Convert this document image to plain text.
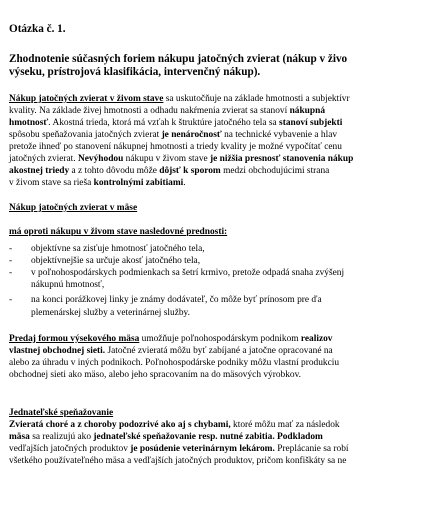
Otázka č. 1.
Zhodnotenie súčasných foriem nákupu jatočných zvierat (nákup v živo
výseku, prístrojová klasifikácia, intervenčný nákup).
Nákup jatočných zvierat v živom stave sa uskutočňuje na základe hmotnosti a subjektívr
kvality. Na základe živej hmotnosti a odhadu nakŕmenia zvierat sa stanoví nákupná
hmotnosť. Akostná trieda, ktorá má vzťah k štruktúre jatočného tela sa stanoví subjekti
spôsobu speňažovania jatočných zvierat je nenáročnosť na technické vybavenie a hlav
pretože ihneď po stanovení nákupnej hmotnosti a triedy kvality je možné vypočítať cenu
jatočných zvierat. Nevýhodou nákupu v živom stave je nižšia presnosť stanovenia nákup
akostnej triedy a z tohto dôvodu môže dôjsť k sporom medzi obchodujúcimi strana
v živom stave sa rieša kontrolnými zabitiami.
Nákup jatočných zvierat v mäse
má oproti nákupu v živom stave nasledovné prednosti:
- objektívne sa zisťuje hmotnosť jatočného tela,
- objektívnejšie sa určuje akosť jatočného tela,
- v poľnohospodárskych podmienkach sa šetrí krmivo, pretože odpadá snaha zvýšenj
nákupnú hmotnosť,
- na konci porážkovej linky je známy dodávateľ, čo môže byť prínosom pre ďa
plemenárskej služby a veterinárnej služby.
Predaj formou výsekového mäsa umožňuje poľnohospodárskym podnikom realizov
vlastnej obchodnej sieti. Jatočné zvieratá môžu byť zabíjané a jatočne opracované na
alebo za úhradu v iných podnikoch. Poľnohospodárske podniky môžu vlastní produkciu
obchodnej sieti ako mäso, alebo jeho spracovaním na do mäsových výrobkov.
Jednateľské speňažovanie
Zvieratá choré a z choroby podozrivé ako aj s chybami, ktoré môžu mať za následok
mäsa sa realizujú ako jednateľské speňažovanie resp. nutné zabitia. Podkladom
vedľajších jatočných produktov je posúdenie veterinárnym lekárom. Preplácanie sa robí
všetkého používateľného mäsa a vedľajších jatočných produktov, pričom konfiškáty sa ne
